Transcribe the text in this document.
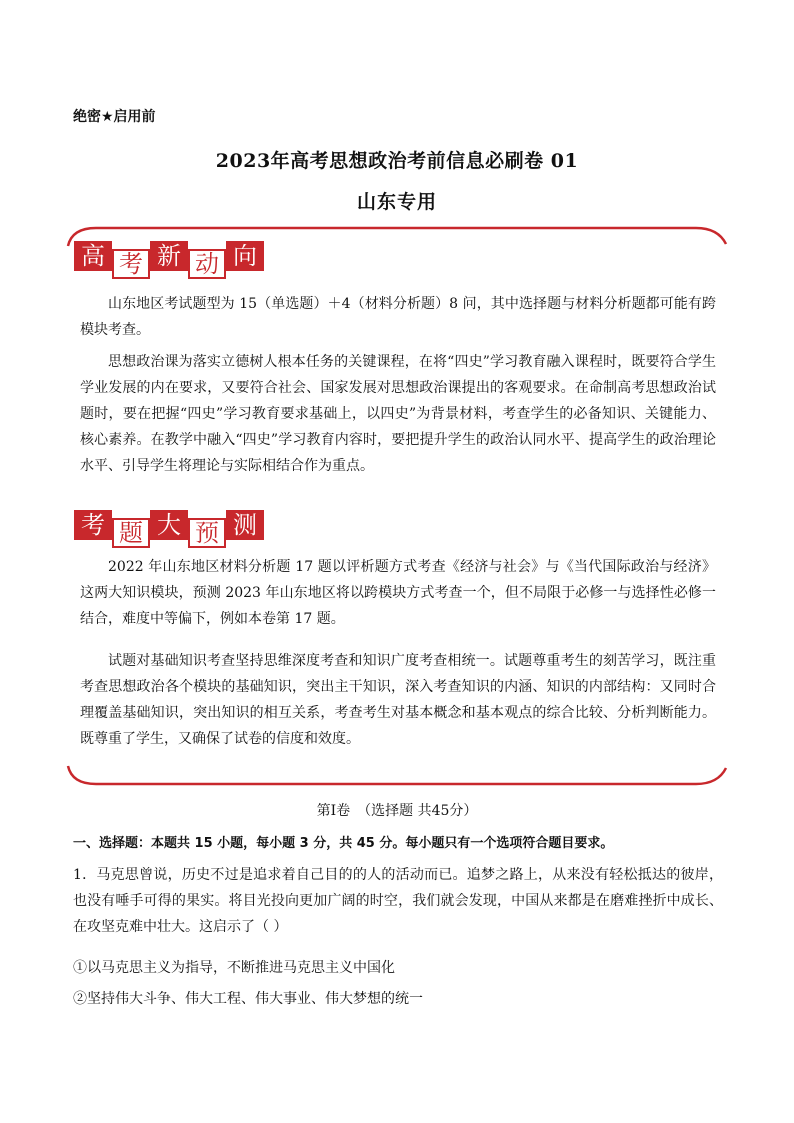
绝密★启用前
2023年高考思想政治考前信息必刷卷 01
山东专用
高 考 新 动 向

山东地区考试题型为 15（单选题）＋4（材料分析题）8 问，其中选择题与材料分析题都可能有跨模块考查。

思想政治课为落实立德树人根本任务的关键课程，在将“四史”学习教育融入课程时，既要符合学生学业发展的内在要求，又要符合社会、国家发展对思想政治课提出的客观要求。在命制高考思想政治试题时，要在把握“四史”学习教育要求基础上，以四史”为背景材料，考查学生的必备知识、关键能力、核心素养。在教学中融入“四史”学习教育内容时，要把提升学生的政治认同水平、提高学生的政治理论水平、引导学生将理论与实际相结合作为重点。

考 题 大 预 测

2022 年山东地区材料分析题 17 题以评析题方式考查《经济与社会》与《当代国际政治与经济》这两大知识模块，预测 2023 年山东地区将以跨模块方式考查一个，但不局限于必修一与选择性必修一结合，难度中等偏下，例如本卷第 17 题。

试题对基础知识考查坚持思维深度考查和知识广度考查相统一。试题尊重考生的刻苦学习，既注重考查思想政治各个模块的基础知识，突出主干知识，深入考查知识的内涵、知识的内部结构：又同时合理覆盖基础知识，突出知识的相互关系，考查考生对基本概念和基本观点的综合比较、分析判断能力。既尊重了学生，又确保了试卷的信度和效度。

第Ⅰ卷　（选择题 共45分）
一、选择题：本题共 15 小题，每小题 3 分，共 45 分。每小题只有一个选项符合题目要求。

1．马克思曾说，历史不过是追求着自己目的的人的活动而已。追梦之路上，从来没有轻松抵达的彼岸，也没有唾手可得的果实。将目光投向更加广阔的时空，我们就会发现，中国从来都是在磨难挫折中成长、在攻坚克难中壮大。这启示了（ ）

①以马克思主义为指导，不断推进马克思主义中国化
②坚持伟大斗争、伟大工程、伟大事业、伟大梦想的统一
